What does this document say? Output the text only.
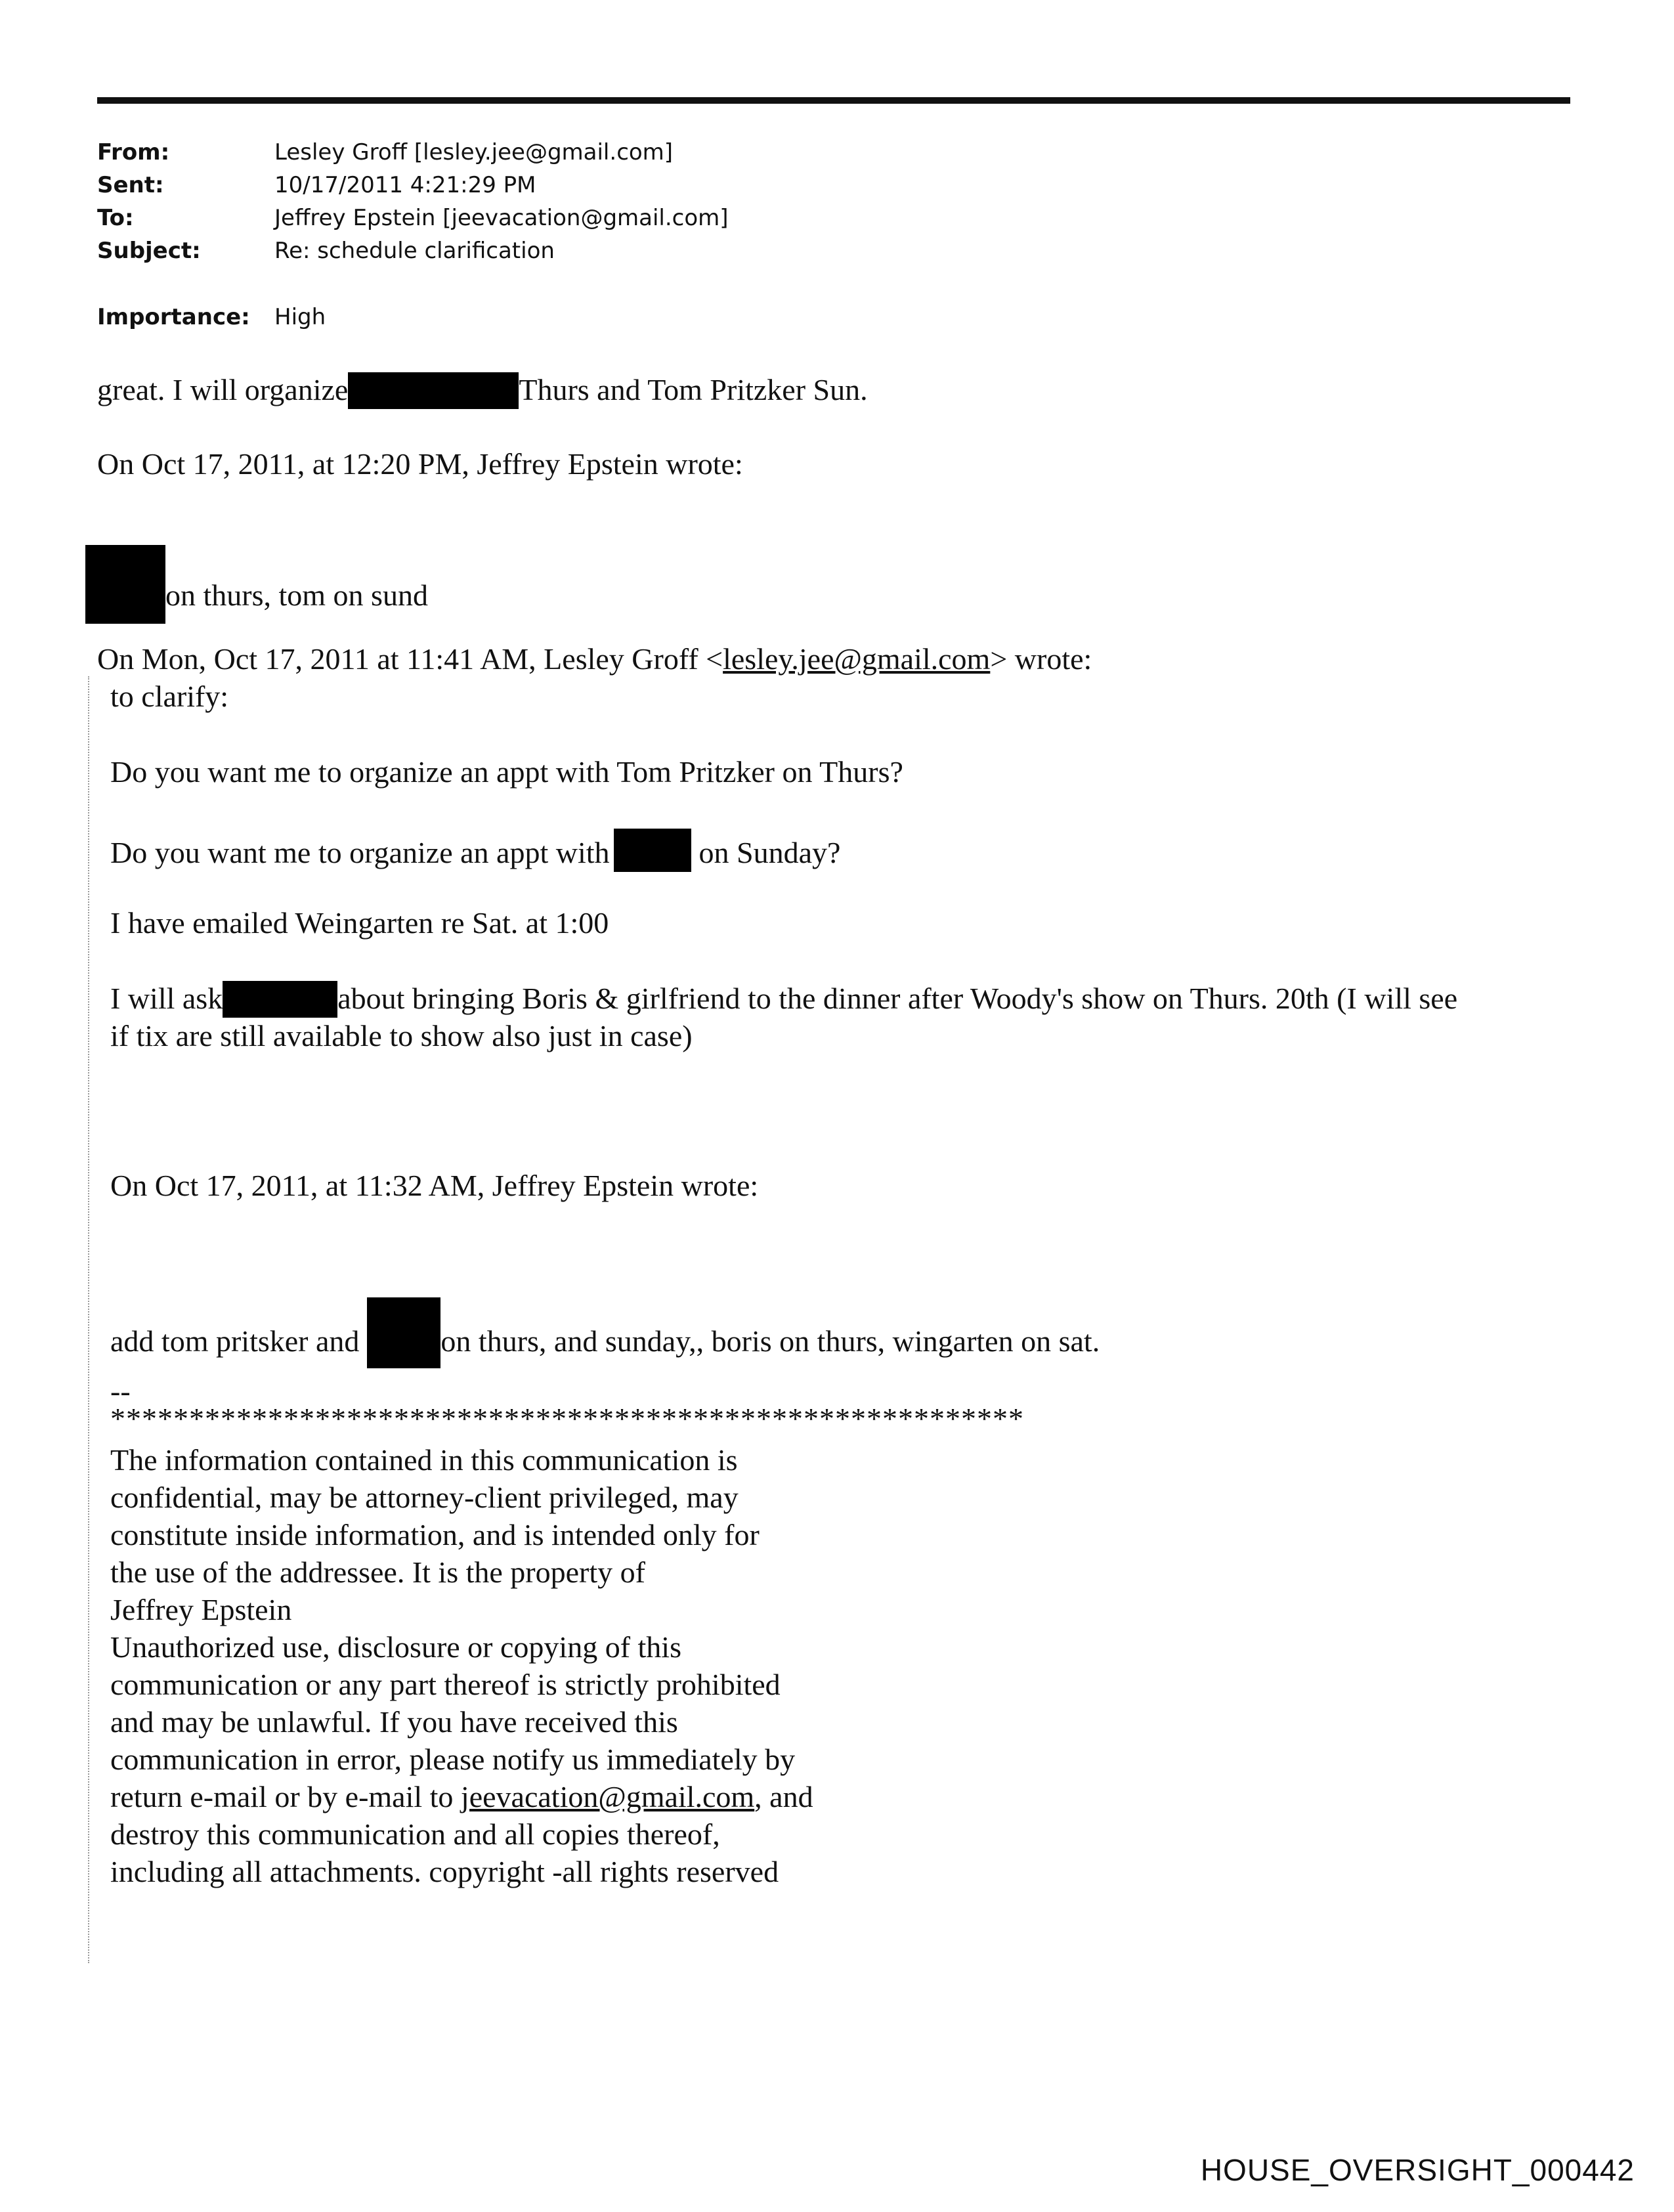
From:	Lesley Groff [lesley.jee@gmail.com]
Sent:	10/17/2011 4:21:29 PM
To:	Jeffrey Epstein [jeevacation@gmail.com]
Subject:	Re: schedule clarification
Importance: High
great. I will organize	Thurs and Tom Pritzker Sun.
On Oct 17, 2011, at 12:20 PM, Jeffrey Epstein wrote:
on thurs, tom on sund
On Mon, Oct 17, 2011 at 11:41 AM, Lesley Groff <lesley.jee@gmail.com> wrote:
to clarify:
Do you want me to organize an appt with Tom Pritzker on Thurs?
Do you want me to organize an appt with	on Sunday?
I have emailed Weingarten re Sat. at 1:00
I will ask	about bringing Boris & girlfriend to the dinner after Woody's show on Thurs. 20th (I will see
if tix are still available to show also just in case)
On Oct 17, 2011, at 11:32 AM, Jeffrey Epstein wrote:
add tom pritsker and	on thurs, and sunday,, boris on thurs, wingarten on sat.
--
**********************************************************
The information contained in this communication is
confidential, may be attorney-client privileged, may
constitute inside information, and is intended only for
the use of the addressee. It is the property of
Jeffrey Epstein
Unauthorized use, disclosure or copying of this
communication or any part thereof is strictly prohibited
and may be unlawful. If you have received this
communication in error, please notify us immediately by
return e-mail or by e-mail to jeevacation@gmail.com, and
destroy this communication and all copies thereof,
including all attachments. copyright -all rights reserved
HOUSE_OVERSIGHT_000442
